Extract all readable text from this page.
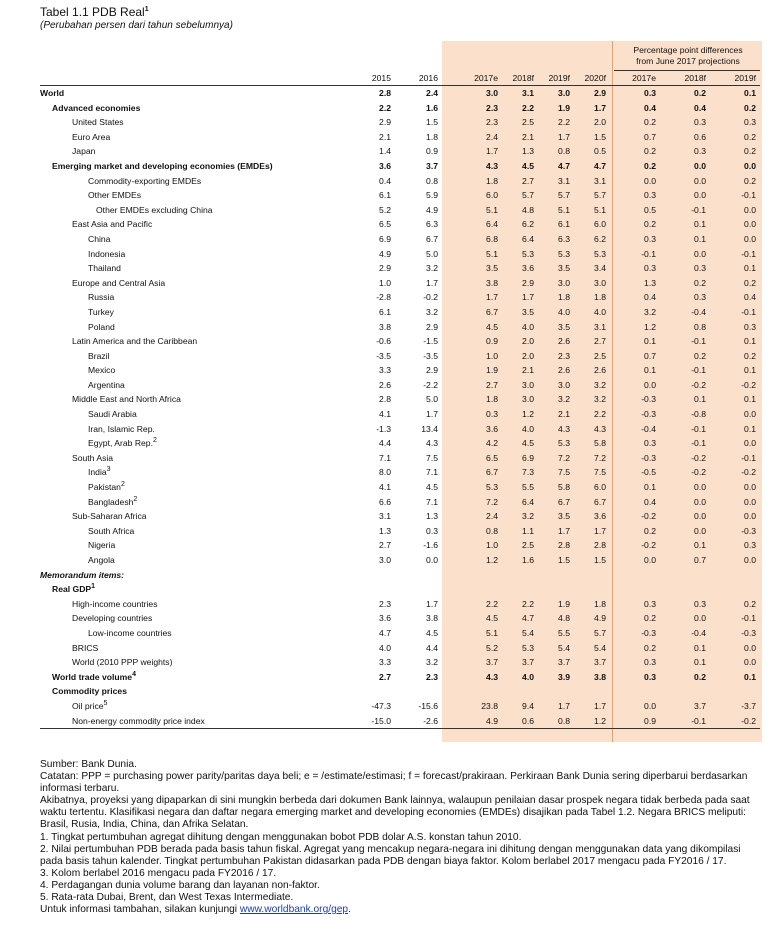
Tabel 1.1 PDB Real$^1$
(Perubahan persen dari tahun sebelumnya)
Percentage point differences
from June 2017 projections
	2015	2016	2017e	2018f	2019f	2020f	2017e	2018f	2019f
World	2.8	2.4	3.0	3.1	3.0	2.9	0.3	0.2	0.1
Advanced economies	2.2	1.6	2.3	2.2	1.9	1.7	0.4	0.4	0.2
United States	2.9	1.5	2.3	2.5	2.2	2.0	0.2	0.3	0.3
Euro Area	2.1	1.8	2.4	2.1	1.7	1.5	0.7	0.6	0.2
Japan	1.4	0.9	1.7	1.3	0.8	0.5	0.2	0.3	0.2
Emerging market and developing economies (EMDEs)	3.6	3.7	4.3	4.5	4.7	4.7	0.2	0.0	0.0
Commodity-exporting EMDEs	0.4	0.8	1.8	2.7	3.1	3.1	0.0	0.0	0.2
Other EMDEs	6.1	5.9	6.0	5.7	5.7	5.7	0.3	0.0	-0.1
Other EMDEs excluding China	5.2	4.9	5.1	4.8	5.1	5.1	0.5	-0.1	0.0
East Asia and Pacific	6.5	6.3	6.4	6.2	6.1	6.0	0.2	0.1	0.0
China	6.9	6.7	6.8	6.4	6.3	6.2	0.3	0.1	0.0
Indonesia	4.9	5.0	5.1	5.3	5.3	5.3	-0.1	0.0	-0.1
Thailand	2.9	3.2	3.5	3.6	3.5	3.4	0.3	0.3	0.1
Europe and Central Asia	1.0	1.7	3.8	2.9	3.0	3.0	1.3	0.2	0.2
Russia	-2.8	-0.2	1.7	1.7	1.8	1.8	0.4	0.3	0.4
Turkey	6.1	3.2	6.7	3.5	4.0	4.0	3.2	-0.4	-0.1
Poland	3.8	2.9	4.5	4.0	3.5	3.1	1.2	0.8	0.3
Latin America and the Caribbean	-0.6	-1.5	0.9	2.0	2.6	2.7	0.1	-0.1	0.1
Brazil	-3.5	-3.5	1.0	2.0	2.3	2.5	0.7	0.2	0.2
Mexico	3.3	2.9	1.9	2.1	2.6	2.6	0.1	-0.1	0.1
Argentina	2.6	-2.2	2.7	3.0	3.0	3.2	0.0	-0.2	-0.2
Middle East and North Africa	2.8	5.0	1.8	3.0	3.2	3.2	-0.3	0.1	0.1
Saudi Arabia	4.1	1.7	0.3	1.2	2.1	2.2	-0.3	-0.8	0.0
Iran, Islamic Rep.	-1.3	13.4	3.6	4.0	4.3	4.3	-0.4	-0.1	0.1
Egypt, Arab Rep.$^2$	4.4	4.3	4.2	4.5	5.3	5.8	0.3	-0.1	0.0
South Asia	7.1	7.5	6.5	6.9	7.2	7.2	-0.3	-0.2	-0.1
India$^3$	8.0	7.1	6.7	7.3	7.5	7.5	-0.5	-0.2	-0.2
Pakistan$^2$	4.1	4.5	5.3	5.5	5.8	6.0	0.1	0.0	0.0
Bangladesh$^2$	6.6	7.1	7.2	6.4	6.7	6.7	0.4	0.0	0.0
Sub-Saharan Africa	3.1	1.3	2.4	3.2	3.5	3.6	-0.2	0.0	0.0
South Africa	1.3	0.3	0.8	1.1	1.7	1.7	0.2	0.0	-0.3
Nigeria	2.7	-1.6	1.0	2.5	2.8	2.8	-0.2	0.1	0.3
Angola	3.0	0.0	1.2	1.6	1.5	1.5	0.0	0.7	0.0
Memorandum items:									
Real GDP$^1$									
High-income countries	2.3	1.7	2.2	2.2	1.9	1.8	0.3	0.3	0.2
Developing countries	3.6	3.8	4.5	4.7	4.8	4.9	0.2	0.0	-0.1
Low-income countries	4.7	4.5	5.1	5.4	5.5	5.7	-0.3	-0.4	-0.3
BRICS	4.0	4.4	5.2	5.3	5.4	5.4	0.2	0.1	0.0
World (2010 PPP weights)	3.3	3.2	3.7	3.7	3.7	3.7	0.3	0.1	0.0
World trade volume$^4$	2.7	2.3	4.3	4.0	3.9	3.8	0.3	0.2	0.1
Commodity prices									
Oil price$^5$	-47.3	-15.6	23.8	9.4	1.7	1.7	0.0	3.7	-3.7
Non-energy commodity price index	-15.0	-2.6	4.9	0.6	0.8	1.2	0.9	-0.1	-0.2

Sumber: Bank Dunia.

Catatan: PPP = purchasing power parity/paritas daya beli; e = /estimate/estimasi; f = forecast/prakiraan. Perkiraan Bank Dunia sering diperbarui berdasarkan informasi terbaru.

Akibatnya, proyeksi yang dipaparkan di sini mungkin berbeda dari dokumen Bank lainnya, walaupun penilaian dasar prospek negara tidak berbeda pada saat waktu tertentu. Klasifikasi negara dan daftar negara emerging market and developing economies (EMDEs) disajikan pada Tabel 1.2. Negara BRICS meliputi: Brasil, Rusia, India, China, dan Afrika Selatan.

1. Tingkat pertumbuhan agregat dihitung dengan menggunakan bobot PDB dolar A.S. konstan tahun 2010.

2. Nilai pertumbuhan PDB berada pada basis tahun fiskal. Agregat yang mencakup negara-negara ini dihitung dengan menggunakan data yang dikompilasi pada basis tahun kalender. Tingkat pertumbuhan Pakistan didasarkan pada PDB dengan biaya faktor. Kolom berlabel 2017 mengacu pada FY2016 / 17.

3. Kolom berlabel 2016 mengacu pada FY2016 / 17.

4. Perdagangan dunia volume barang dan layanan non-faktor.

5. Rata-rata Dubai, Brent, dan West Texas Intermediate.

Untuk informasi tambahan, silakan kunjungi www.worldbank.org/gep.
